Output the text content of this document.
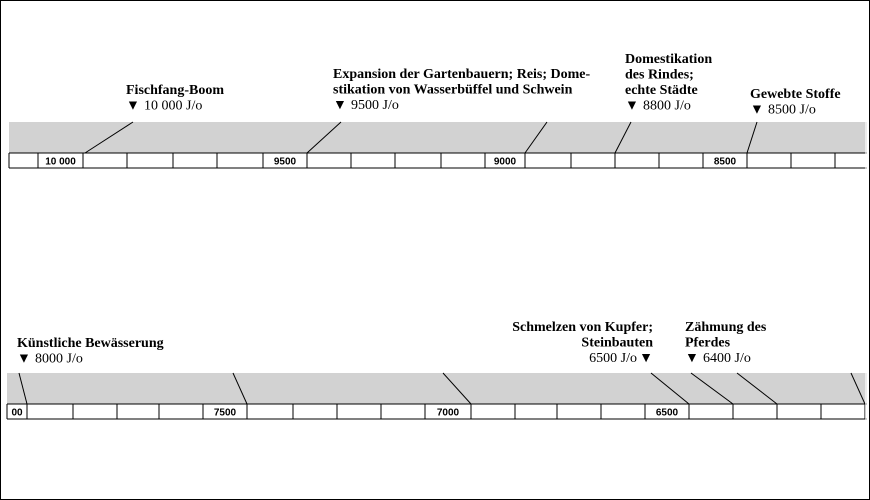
10 000	9500	9000	8500
Fischfang-Boom
▼ 10 000 J/o
Expansion der Gartenbauern; Reis; Dome-
stikation von Wasserbüffel und Schwein
▼ 9500 J/o
Domestikation
des Rindes;
echte Städte
▼ 8800 J/o
Gewebte Stoffe
▼ 8500 J/o
00	7500	7000	6500
Künstliche Bewässerung
▼ 8000 J/o
Schmelzen von Kupfer;
Steinbauten
6500 J/o ▼
Zähmung des
Pferdes
▼ 6400 J/o
